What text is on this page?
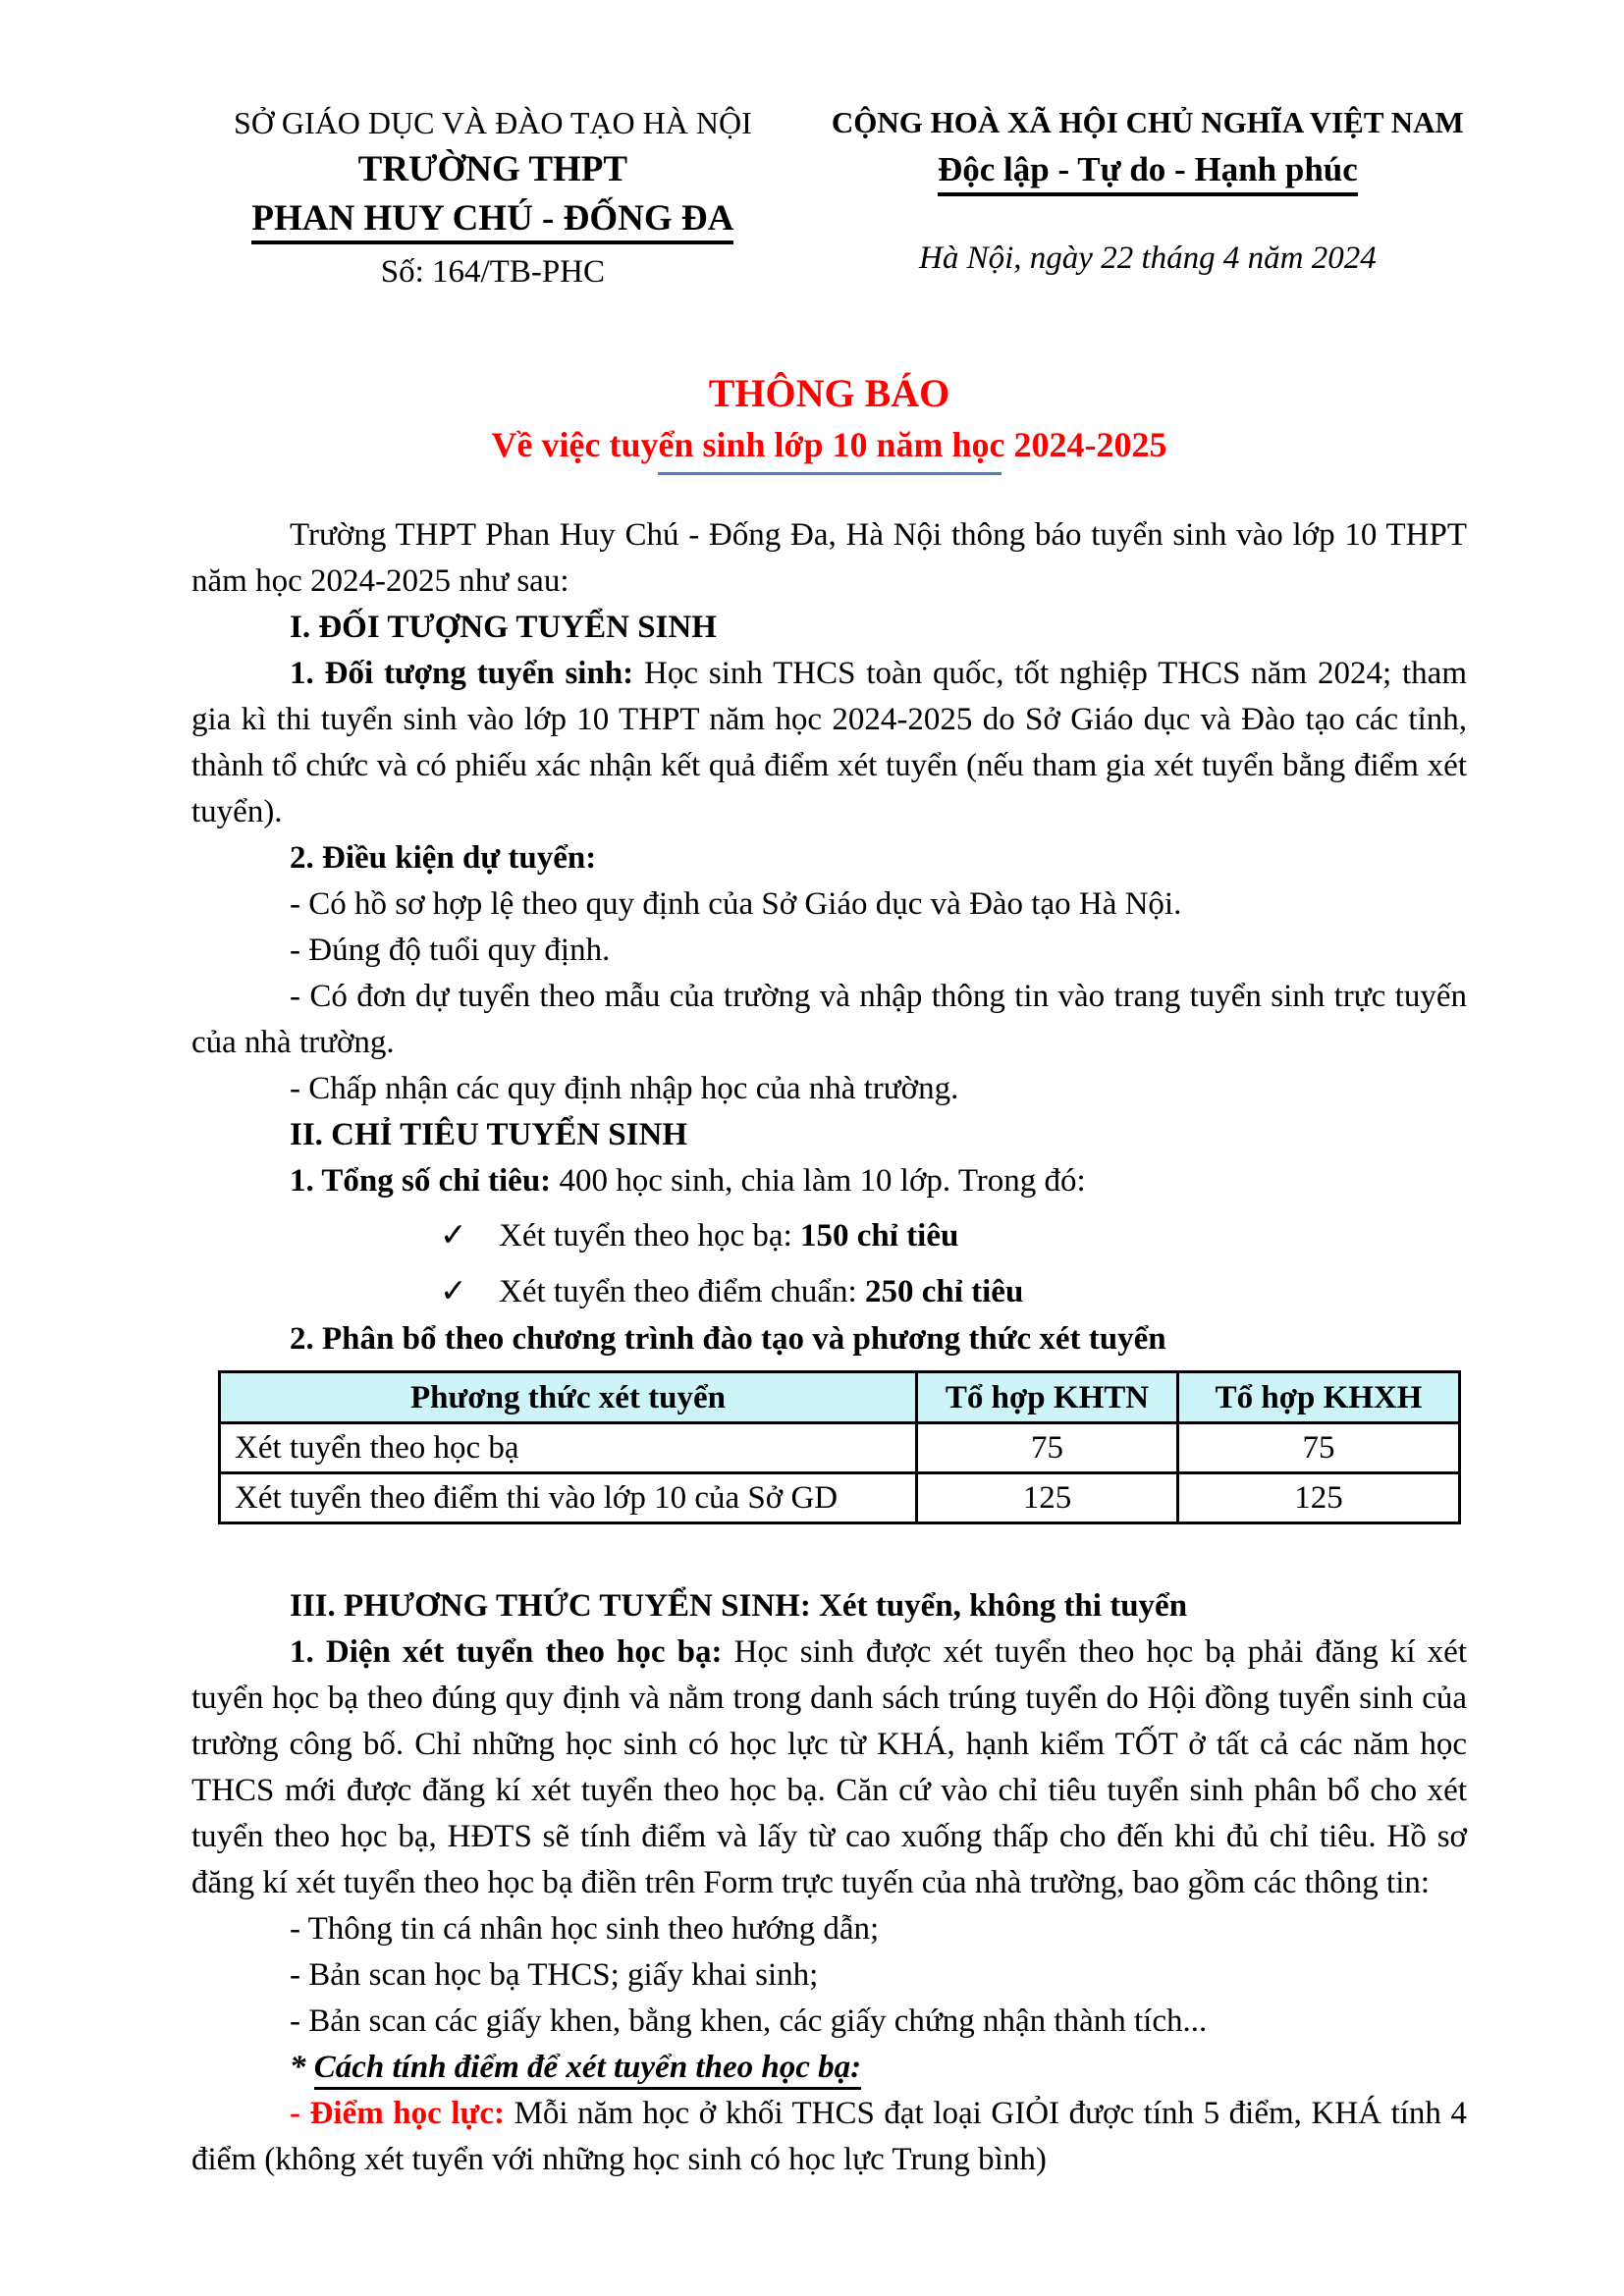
SỞ GIÁO DỤC VÀ ĐÀO TẠO HÀ NỘI
TRƯỜNG THPT
PHAN HUY CHÚ - ĐỐNG ĐA
Số: 164/TB-PHC
CỘNG HOÀ XÃ HỘI CHỦ NGHĨA VIỆT NAM
Độc lập - Tự do - Hạnh phúc
Hà Nội, ngày 22 tháng 4 năm 2024
THÔNG BÁO
Về việc tuyển sinh lớp 10 năm học 2024-2025

Trường THPT Phan Huy Chú - Đống Đa, Hà Nội thông báo tuyển sinh vào lớp 10 THPT năm học 2024-2025 như sau:

I. ĐỐI TƯỢNG TUYỂN SINH

1. Đối tượng tuyển sinh: Học sinh THCS toàn quốc, tốt nghiệp THCS năm 2024; tham gia kì thi tuyển sinh vào lớp 10 THPT năm học 2024-2025 do Sở Giáo dục và Đào tạo các tỉnh, thành tổ chức và có phiếu xác nhận kết quả điểm xét tuyển (nếu tham gia xét tuyển bằng điểm xét tuyển).

2. Điều kiện dự tuyển:

- Có hồ sơ hợp lệ theo quy định của Sở Giáo dục và Đào tạo Hà Nội.

- Đúng độ tuổi quy định.

- Có đơn dự tuyển theo mẫu của trường và nhập thông tin vào trang tuyển sinh trực tuyến của nhà trường.

- Chấp nhận các quy định nhập học của nhà trường.

II. CHỈ TIÊU TUYỂN SINH

1. Tổng số chỉ tiêu: 400 học sinh, chia làm 10 lớp. Trong đó:

✓ Xét tuyển theo học bạ: 150 chỉ tiêu
✓ Xét tuyển theo điểm chuẩn: 250 chỉ tiêu

2. Phân bổ theo chương trình đào tạo và phương thức xét tuyển

Phương thức xét tuyển	Tổ hợp KHTN	Tổ hợp KHXH
Xét tuyển theo học bạ	75	75
Xét tuyển theo điểm thi vào lớp 10 của Sở GD	125	125

III. PHƯƠNG THỨC TUYỂN SINH: Xét tuyển, không thi tuyển

1. Diện xét tuyển theo học bạ: Học sinh được xét tuyển theo học bạ phải đăng kí xét tuyển học bạ theo đúng quy định và nằm trong danh sách trúng tuyển do Hội đồng tuyển sinh của trường công bố. Chỉ những học sinh có học lực từ KHÁ, hạnh kiểm TỐT ở tất cả các năm học THCS mới được đăng kí xét tuyển theo học bạ. Căn cứ vào chỉ tiêu tuyển sinh phân bổ cho xét tuyển theo học bạ, HĐTS sẽ tính điểm và lấy từ cao xuống thấp cho đến khi đủ chỉ tiêu. Hồ sơ đăng kí xét tuyển theo học bạ điền trên Form trực tuyến của nhà trường, bao gồm các thông tin:

- Thông tin cá nhân học sinh theo hướng dẫn;

- Bản scan học bạ THCS; giấy khai sinh;

- Bản scan các giấy khen, bằng khen, các giấy chứng nhận thành tích...

* Cách tính điểm để xét tuyển theo học bạ:

- Điểm học lực: Mỗi năm học ở khối THCS đạt loại GIỎI được tính 5 điểm, KHÁ tính 4 điểm (không xét tuyển với những học sinh có học lực Trung bình)
